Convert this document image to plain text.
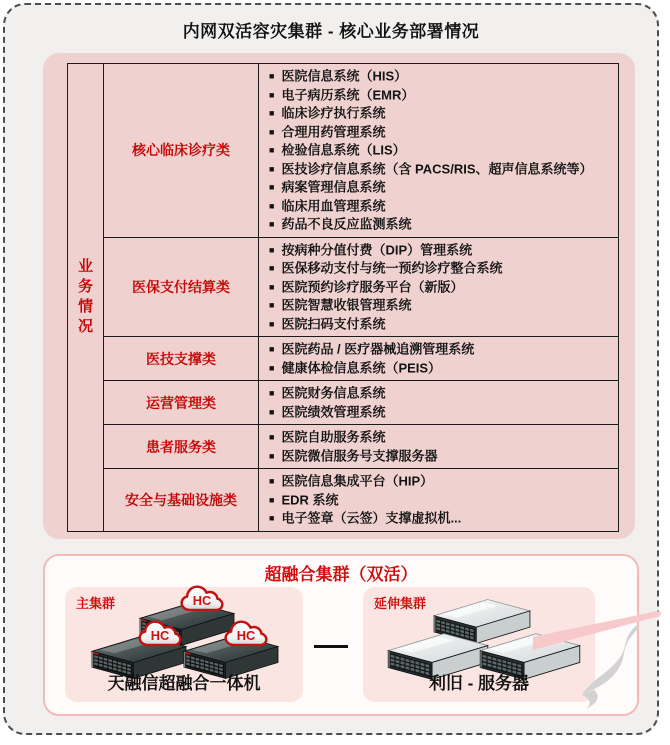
内网双活容灾集群 - 核心业务部署情况
业
务
情
况
	核心临床诊疗类	
■ 医院信息系统（HIS）
■ 电子病历系统（EMR）
■ 临床诊疗执行系统
■ 合理用药管理系统
■ 检验信息系统（LIS）
■ 医技诊疗信息系统（含 PACS/RIS、超声信息系统等）
■ 病案管理信息系统
■ 临床用血管理系统
■ 药品不良反应监测系统

	医保支付结算类	■ 按病种分值付费（DIP）管理系统
■ 医保移动支付与统一预约诊疗整合系统
■ 医院预约诊疗服务平台（新版）
■ 医院智慧收银管理系统
■ 医院扫码支付系统

	医技支撑类	■ 医院药品 / 医疗器械追溯管理系统
■ 健康体检信息系统（PEIS）

	运营管理类	■ 医院财务信息系统
■ 医院绩效管理系统

	患者服务类	■ 医院自助服务系统
■ 医院微信服务号支撑服务器

	安全与基础设施类	■ 医院信息集成平台（HIP）
■ EDR 系统
■ 电子签章（云签）支撑虚拟机...
超融合集群（双活）
主集群	HC
HC	HC
天融信超融合一体机
延伸集群
利旧 - 服务器
